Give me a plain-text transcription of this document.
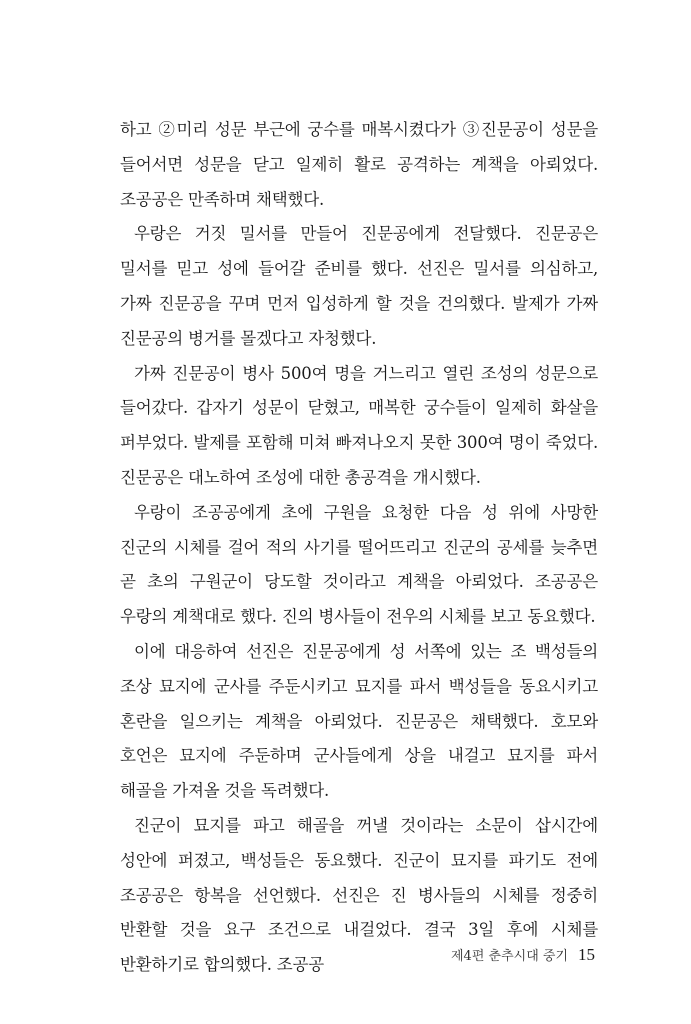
하고 ②미리 성문 부근에 궁수를 매복시켰다가 ③진문공이 성문을 들어서면 성문을 닫고 일제히 활로 공격하는 계책을 아뢰었다. 조공공은 만족하며 채택했다.

우랑은 거짓 밀서를 만들어 진문공에게 전달했다. 진문공은 밀서를 믿고 성에 들어갈 준비를 했다. 선진은 밀서를 의심하고, 가짜 진문공을 꾸며 먼저 입성하게 할 것을 건의했다. 발제가 가짜 진문공의 병거를 몰겠다고 자청했다.

가짜 진문공이 병사 500여 명을 거느리고 열린 조성의 성문으로 들어갔다. 갑자기 성문이 닫혔고, 매복한 궁수들이 일제히 화살을 퍼부었다. 발제를 포함해 미쳐 빠져나오지 못한 300여 명이 죽었다. 진문공은 대노하여 조성에 대한 총공격을 개시했다.

우랑이 조공공에게 초에 구원을 요청한 다음 성 위에 사망한 진군의 시체를 걸어 적의 사기를 떨어뜨리고 진군의 공세를 늦추면 곧 초의 구원군이 당도할 것이라고 계책을 아뢰었다. 조공공은 우랑의 계책대로 했다. 진의 병사들이 전우의 시체를 보고 동요했다.

이에 대응하여 선진은 진문공에게 성 서쪽에 있는 조 백성들의 조상 묘지에 군사를 주둔시키고 묘지를 파서 백성들을 동요시키고 혼란을 일으키는 계책을 아뢰었다. 진문공은 채택했다. 호모와 호언은 묘지에 주둔하며 군사들에게 상을 내걸고 묘지를 파서 해골을 가져올 것을 독려했다.

진군이 묘지를 파고 해골을 꺼낼 것이라는 소문이 삽시간에 성안에 퍼졌고, 백성들은 동요했다. 진군이 묘지를 파기도 전에 조공공은 항복을 선언했다. 선진은 진 병사들의 시체를 정중히 반환할 것을 요구 조건으로 내걸었다. 결국 3일 후에 시체를 반환하기로 합의했다. 조공공	제4편 춘추시대 중기 15
